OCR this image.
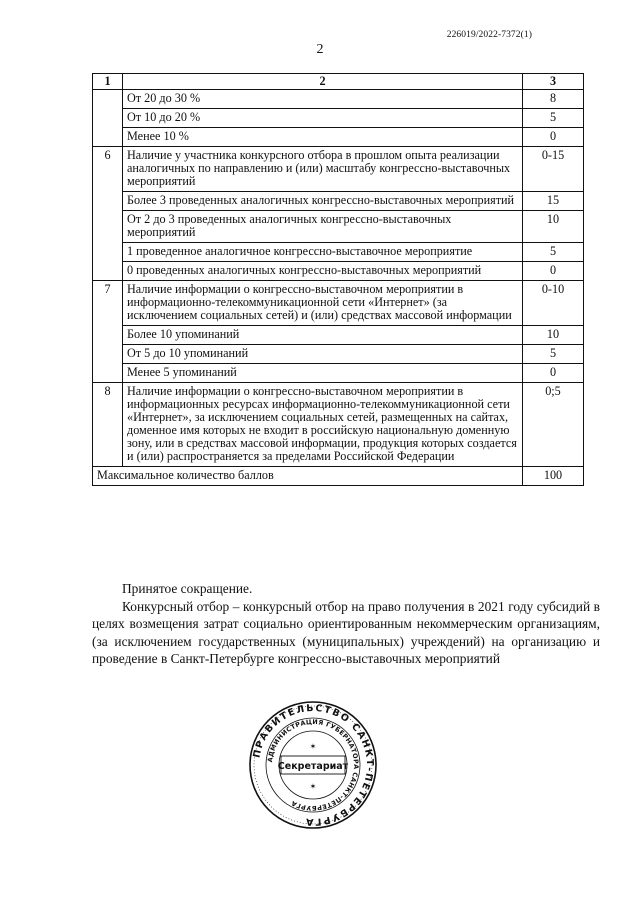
226019/2022-7372(1)
2
1	2	3
	От 20 до 30 %	8
	От 10 до 20 %	5
	Менее 10 %	0
6	Наличие у участника конкурсного отбора в прошлом опыта реализации аналогичных по направлению и (или) масштабу конгрессно-выставочных мероприятий	0-15
	Более 3 проведенных аналогичных конгрессно-выставочных мероприятий	15
	От 2 до 3 проведенных аналогичных конгрессно-выставочных мероприятий	10
	1 проведенное аналогичное конгрессно-выставочное мероприятие	5
	0 проведенных аналогичных конгрессно-выставочных мероприятий	0
7	Наличие информации о конгрессно-выставочном мероприятии в информационно-телекоммуникационной сети «Интернет» (за исключением социальных сетей) и (или) средствах массовой информации	0-10
	Более 10 упоминаний	10
	От 5 до 10 упоминаний	5
	Менее 5 упоминаний	0
8	Наличие информации о конгрессно-выставочном мероприятии в информационных ресурсах информационно-телекоммуникационной сети «Интернет», за исключением социальных сетей, размещенных на сайтах, доменное имя которых не входит в российскую национальную доменную зону, или в средствах массовой информации, продукция которых создается и (или) распространяется за пределами Российской Федерации	0;5
Максимальное количество баллов		100

Принятое сокращение.

Конкурсный отбор – конкурсный отбор на право получения в 2021 году субсидий в целях возмещения затрат социально ориентированным некоммерческим организациям, (за исключением государственных (муниципальных) учреждений) на организацию и проведение в Санкт-Петербурге конгрессно-выставочных мероприятий

ПРАВИТЕЛЬСТВО САНКТ-ПЕТЕРБУРГА
АДМИНИСТРАЦИЯ ГУБЕРНАТОРА САНКТ-ПЕТЕРБУРГА
Секретариат
✶
✶
